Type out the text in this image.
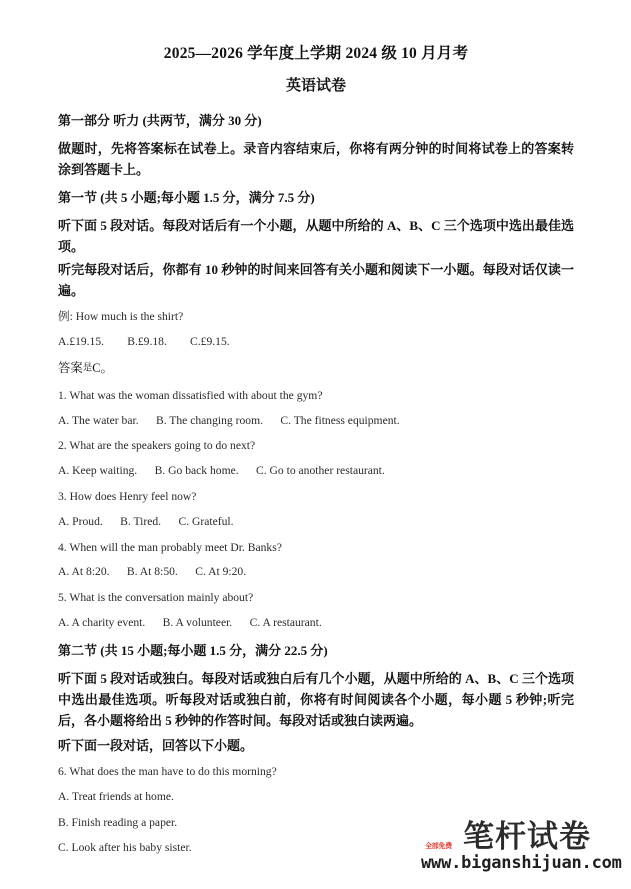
2025—2026 学年度上学期 2024 级 10 月月考
英语试卷

第一部分 听力 (共两节，满分 30 分)

做题时，先将答案标在试卷上。录音内容结束后，你将有两分钟的时间将试卷上的答案转涂到答题卡上。

第一节 (共 5 小题;每小题 1.5 分，满分 7.5 分)

听下面 5 段对话。每段对话后有一个小题，从题中所给的 A、B、C 三个选项中选出最佳选项。

听完每段对话后，你都有 10 秒钟的时间来回答有关小题和阅读下一小题。每段对话仅读一遍。

例: How much is the shirt?

A.£19.15.        B.£9.18.        C.£9.15.

答案是C。

1. What was the woman dissatisfied with about the gym?

A. The water bar.      B. The changing room.      C. The fitness equipment.

2. What are the speakers going to do next?

A. Keep waiting.      B. Go back home.      C. Go to another restaurant.

3. How does Henry feel now?

A. Proud.      B. Tired.      C. Grateful.

4. When will the man probably meet Dr. Banks?

A. At 8:20.      B. At 8:50.      C. At 9:20.

5. What is the conversation mainly about?

A. A charity event.      B. A volunteer.      C. A restaurant.

第二节 (共 15 小题;每小题 1.5 分，满分 22.5 分)

听下面 5 段对话或独白。每段对话或独白后有几个小题，从题中所给的 A、B、C 三个选项中选出最佳选项。听每段对话或独白前，你将有时间阅读各个小题，每小题 5 秒钟;听完后，各小题将给出 5 秒钟的作答时间。每段对话或独白读两遍。

听下面一段对话，回答以下小题。

6. What does the man have to do this morning?

A. Treat friends at home.

B. Finish reading a paper.

C. Look after his baby sister.	全部免费 笔杆试卷
www.biganshijuan.com
